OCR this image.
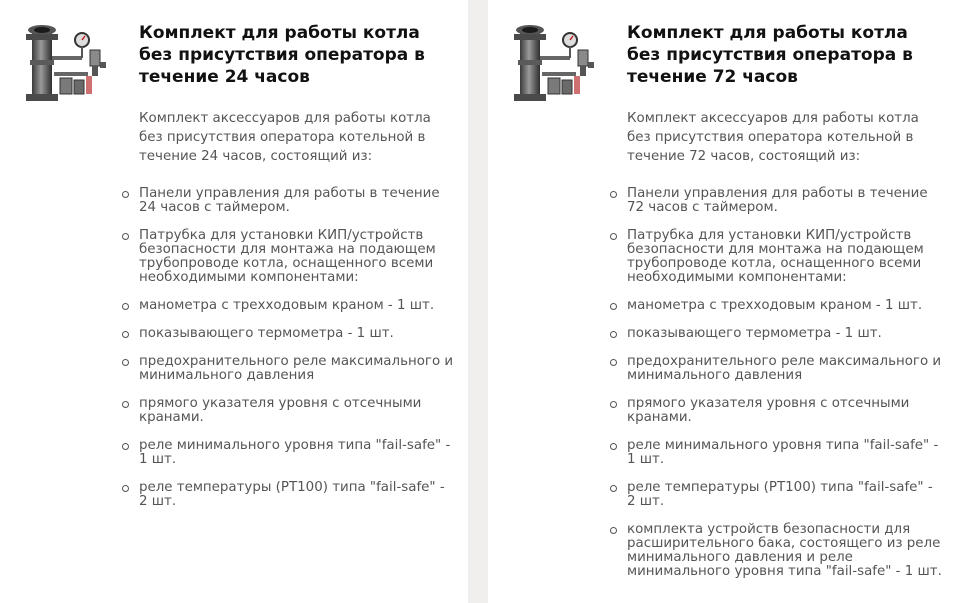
Комплект для работы котла без присутствия оператора в течение 24 часов

Комплект аксессуаров для работы котла без присутствия оператора котельной в течение 24 часов, состоящий из:

Панели управления для работы в течение 24 часов с таймером.
Патрубка для установки КИП/устройств безопасности для монтажа на подающем трубопроводе котла, оснащенного всеми необходимыми компонентами:
манометра с трехходовым краном - 1 шт.
показывающего термометра - 1 шт.
предохранительного реле максимального и минимального давления
прямого указателя уровня с отсечными кранами.
реле минимального уровня типа "fail-safe" - 1 шт.
реле температуры (PT100) типа "fail-safe" - 2 шт.
Комплект для работы котла без присутствия оператора в течение 72 часов

Комплект аксессуаров для работы котла без присутствия оператора котельной в течение 72 часов, состоящий из:

Панели управления для работы в течение 72 часов с таймером.
Патрубка для установки КИП/устройств безопасности для монтажа на подающем трубопроводе котла, оснащенного всеми необходимыми компонентами:
манометра с трехходовым краном - 1 шт.
показывающего термометра - 1 шт.
предохранительного реле максимального и минимального давления
прямого указателя уровня с отсечными кранами.
реле минимального уровня типа "fail-safe" - 1 шт.
реле температуры (PT100) типа "fail-safe" - 2 шт.
комплекта устройств безопасности для расширительного бака, состоящего из реле минимального давления и реле минимального уровня типа "fail-safe" - 1 шт.
